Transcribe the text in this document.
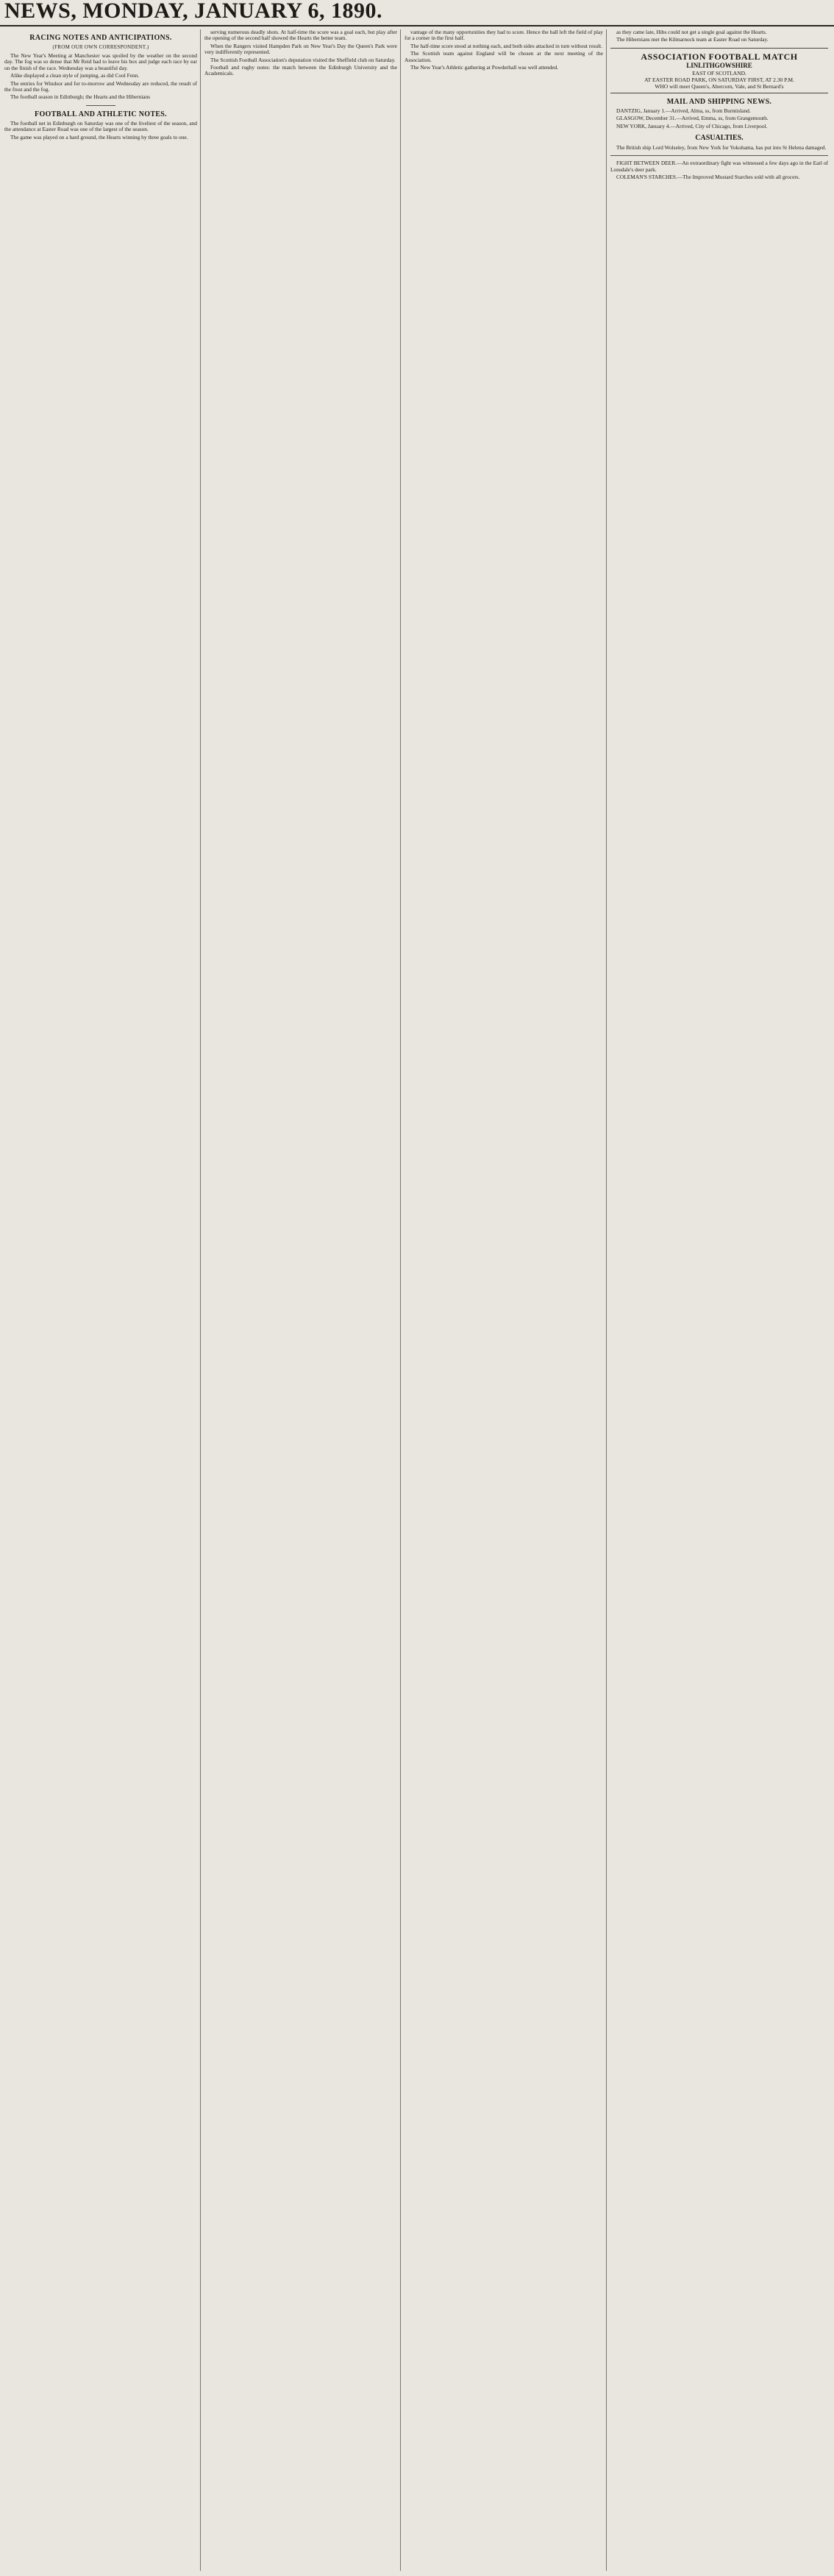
NEWS, MONDAY, JANUARY 6, 1890.
RACING NOTES AND ANTICIPATIONS.
(FROM OUR OWN CORRESPONDENT.)

The New Year's Meeting at Manchester was spoiled by the weather on the second day. The fog was so dense that Mr Reid had to leave his box and judge each race by ear on the finish of the race. Wednesday was a beautiful day.

Alike displayed a clean style of jumping, as did Cool Fenn.

The entries for Windsor and for to-morrow and Wednesday are reduced, the result of the frost and the fog.

The football season in Edinburgh; the Hearts and the Hibernians

FOOTBALL AND ATHLETIC NOTES.

The football net in Edinburgh on Saturday was one of the liveliest of the season, and the attendance at Easter Road was one of the largest of the season.

The game was played on a hard ground, the Hearts winning by three goals to one.

serving numerous deadly shots. At half-time the score was a goal each, but play after the opening of the second half showed the Hearts the better team.

When the Rangers visited Hampden Park on New Year's Day the Queen's Park were very indifferently represented.

The Scottish Football Association's deputation visited the Sheffield club on Saturday.

Football and rugby notes: the match between the Edinburgh University and the Academicals.

vantage of the many opportunities they had to score. Hence the ball left the field of play for a corner in the first half.

The half-time score stood at nothing each, and both sides attacked in turn without result.

The Scottish team against England will be chosen at the next meeting of the Association.

The New Year's Athletic gathering at Powderhall was well attended.

as they came late, Hibs could not get a single goal against the Hearts.

The Hibernians met the Kilmarnock team at Easter Road on Saturday.

ASSOCIATION FOOTBALL MATCH
LINLITHGOWSHIRE
EAST OF SCOTLAND.
AT EASTER ROAD PARK, ON SATURDAY FIRST, AT 2.30 P.M.
WHO will meet Queen's, Abercorn, Vale, and St Bernard's
MAIL AND SHIPPING NEWS.

DANTZIG, January 1.—Arrived, Alma, ss, from Burntisland.

GLASGOW, December 31.—Arrived, Emma, ss, from Grangemouth.

NEW YORK, January 4.—Arrived, City of Chicago, from Liverpool.

CASUALTIES.

The British ship Lord Wolseley, from New York for Yokohama, has put into St Helena damaged.

FIGHT BETWEEN DEER.—An extraordinary fight was witnessed a few days ago in the Earl of Lonsdale's deer park.

COLEMAN'S STARCHES.—The Improved Mustard Starches sold with all grocers.
